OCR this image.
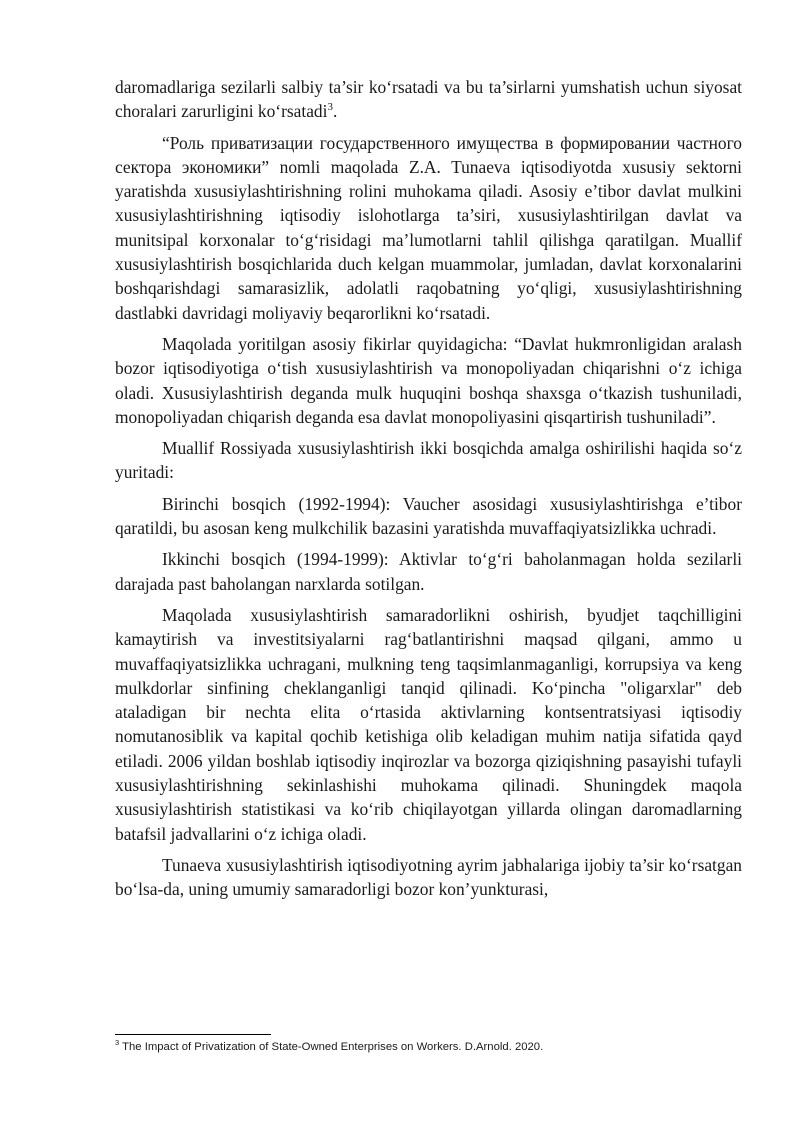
daromadlariga sezilarli salbiy ta’sir ko‘rsatadi va bu ta’sirlarni yumshatish uchun siyosat choralari zarurligini ko‘rsatadi$^3$.

“Роль приватизации государственного имущества в формировании частного сектора экономики” nomli maqolada Z.A. Tunaeva iqtisodiyotda xususiy sektorni yaratishda xususiylashtirishning rolini muhokama qiladi. Asosiy e’tibor davlat mulkini xususiylashtirishning iqtisodiy islohotlarga ta’siri, xususiylashtirilgan davlat va munitsipal korxonalar to‘g‘risidagi ma’lumotlarni tahlil qilishga qaratilgan. Muallif xususiylashtirish bosqichlarida duch kelgan muammolar, jumladan, davlat korxonalarini boshqarishdagi samarasizlik, adolatli raqobatning yo‘qligi, xususiylashtirishning dastlabki davridagi moliyaviy beqarorlikni ko‘rsatadi.

Maqolada yoritilgan asosiy fikirlar quyidagicha: “Davlat hukmronligidan aralash bozor iqtisodiyotiga o‘tish xususiylashtirish va monopoliyadan chiqarishni o‘z ichiga oladi. Xususiylashtirish deganda mulk huquqini boshqa shaxsga o‘tkazish tushuniladi, monopoliyadan chiqarish deganda esa davlat monopoliyasini qisqartirish tushuniladi”.

Muallif Rossiyada xususiylashtirish ikki bosqichda amalga oshirilishi haqida so‘z yuritadi:

Birinchi bosqich (1992-1994): Vaucher asosidagi xususiylashtirishga e’tibor qaratildi, bu asosan keng mulkchilik bazasini yaratishda muvaffaqiyatsizlikka uchradi.

Ikkinchi bosqich (1994-1999): Aktivlar to‘g‘ri baholanmagan holda sezilarli darajada past baholangan narxlarda sotilgan.

Maqolada xususiylashtirish samaradorlikni oshirish, byudjet taqchilligini kamaytirish va investitsiyalarni rag‘batlantirishni maqsad qilgani, ammo u muvaffaqiyatsizlikka uchragani, mulkning teng taqsimlanmaganligi, korrupsiya va keng mulkdorlar sinfining cheklanganligi tanqid qilinadi. Ko‘pincha "oligarxlar" deb ataladigan bir nechta elita o‘rtasida aktivlarning kontsentratsiyasi iqtisodiy nomutanosiblik va kapital qochib ketishiga olib keladigan muhim natija sifatida qayd etiladi. 2006 yildan boshlab iqtisodiy inqirozlar va bozorga qiziqishning pasayishi tufayli xususiylashtirishning sekinlashishi muhokama qilinadi. Shuningdek maqola xususiylashtirish statistikasi va ko‘rib chiqilayotgan yillarda olingan daromadlarning batafsil jadvallarini o‘z ichiga oladi.

Tunaeva xususiylashtirish iqtisodiyotning ayrim jabhalariga ijobiy ta’sir ko‘rsatgan bo‘lsa-da, uning umumiy samaradorligi bozor kon’yunkturasi,

$^3$ The Impact of Privatization of State-Owned Enterprises on Workers. D.Arnold. 2020.
